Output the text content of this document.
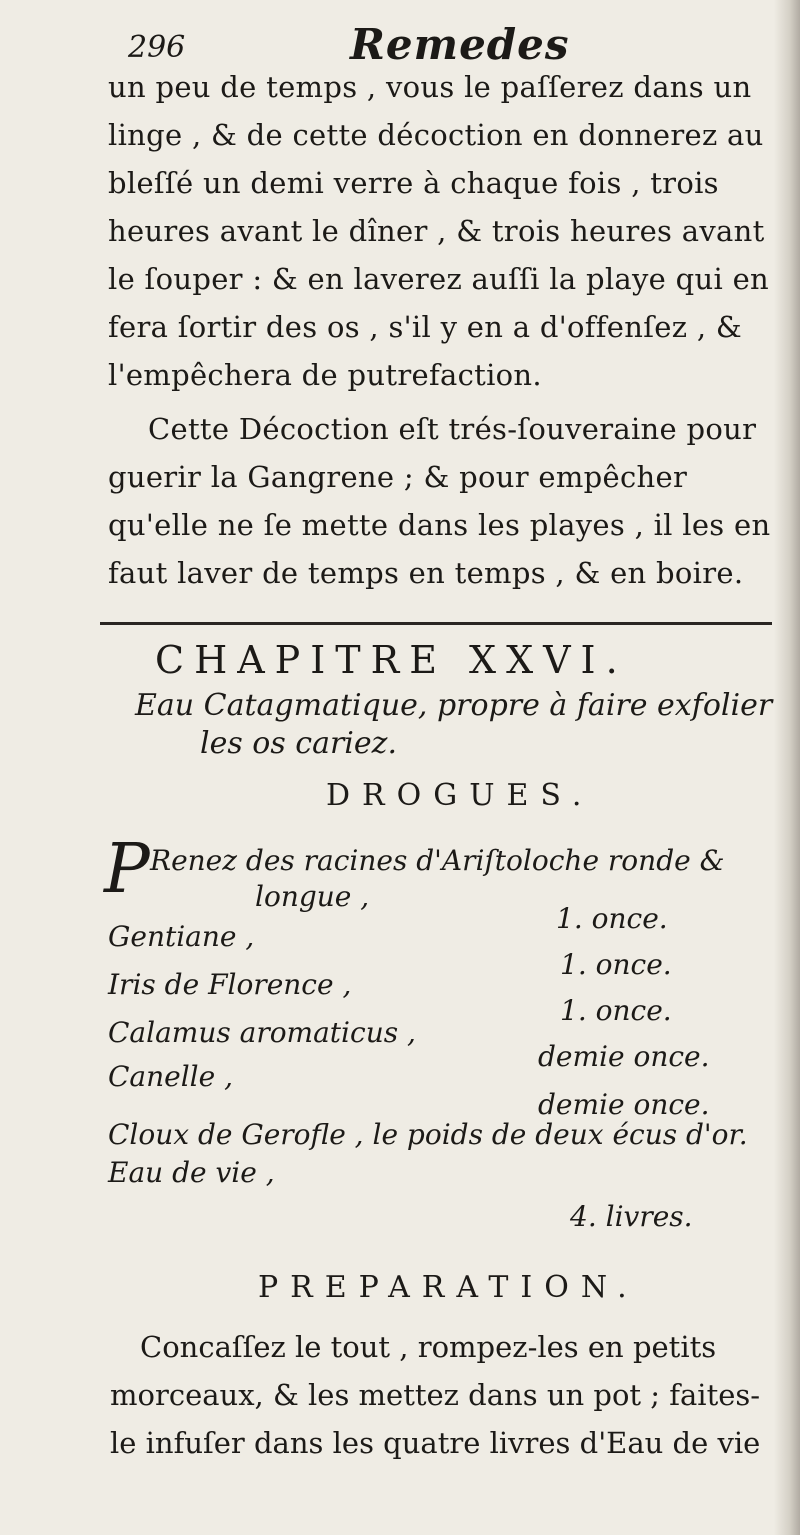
296	Remedes
un peu de temps , vous le paſſerez dans un
linge , & de cette décoction en donnerez au
bleſſé un demi verre à chaque fois , trois
heures avant le dîner , & trois heures avant
le ſouper : & en laverez auſſi la playe qui en
fera ſortir des os , s'il y en a d'offenſez , &
l'empêchera de putrefaction.
Cette Décoction eſt trés-ſouveraine pour
guerir la Gangrene ; & pour empêcher
qu'elle ne ſe mette dans les playes , il les en
faut laver de temps en temps , & en boire.
CHAPITRE XXVI.
Eau Catagmatique, propre à faire exfolier
les os cariez.
DROGUES.
P Renez des racines d'Ariſtoloche ronde &
longue ,
Gentiane ,
1. once.
Iris de Florence ,
1. once.
Calamus aromaticus ,
1. once.
Canelle ,
demie once.
demie once.
Cloux de Gerofle , le poids de deux écus d'or.
Eau de vie ,
4. livres.
PREPARATION.
Concaſſez le tout , rompez-les en petits
morceaux, & les mettez dans un pot ; faites-
le infuſer dans les quatre livres d'Eau de vie
